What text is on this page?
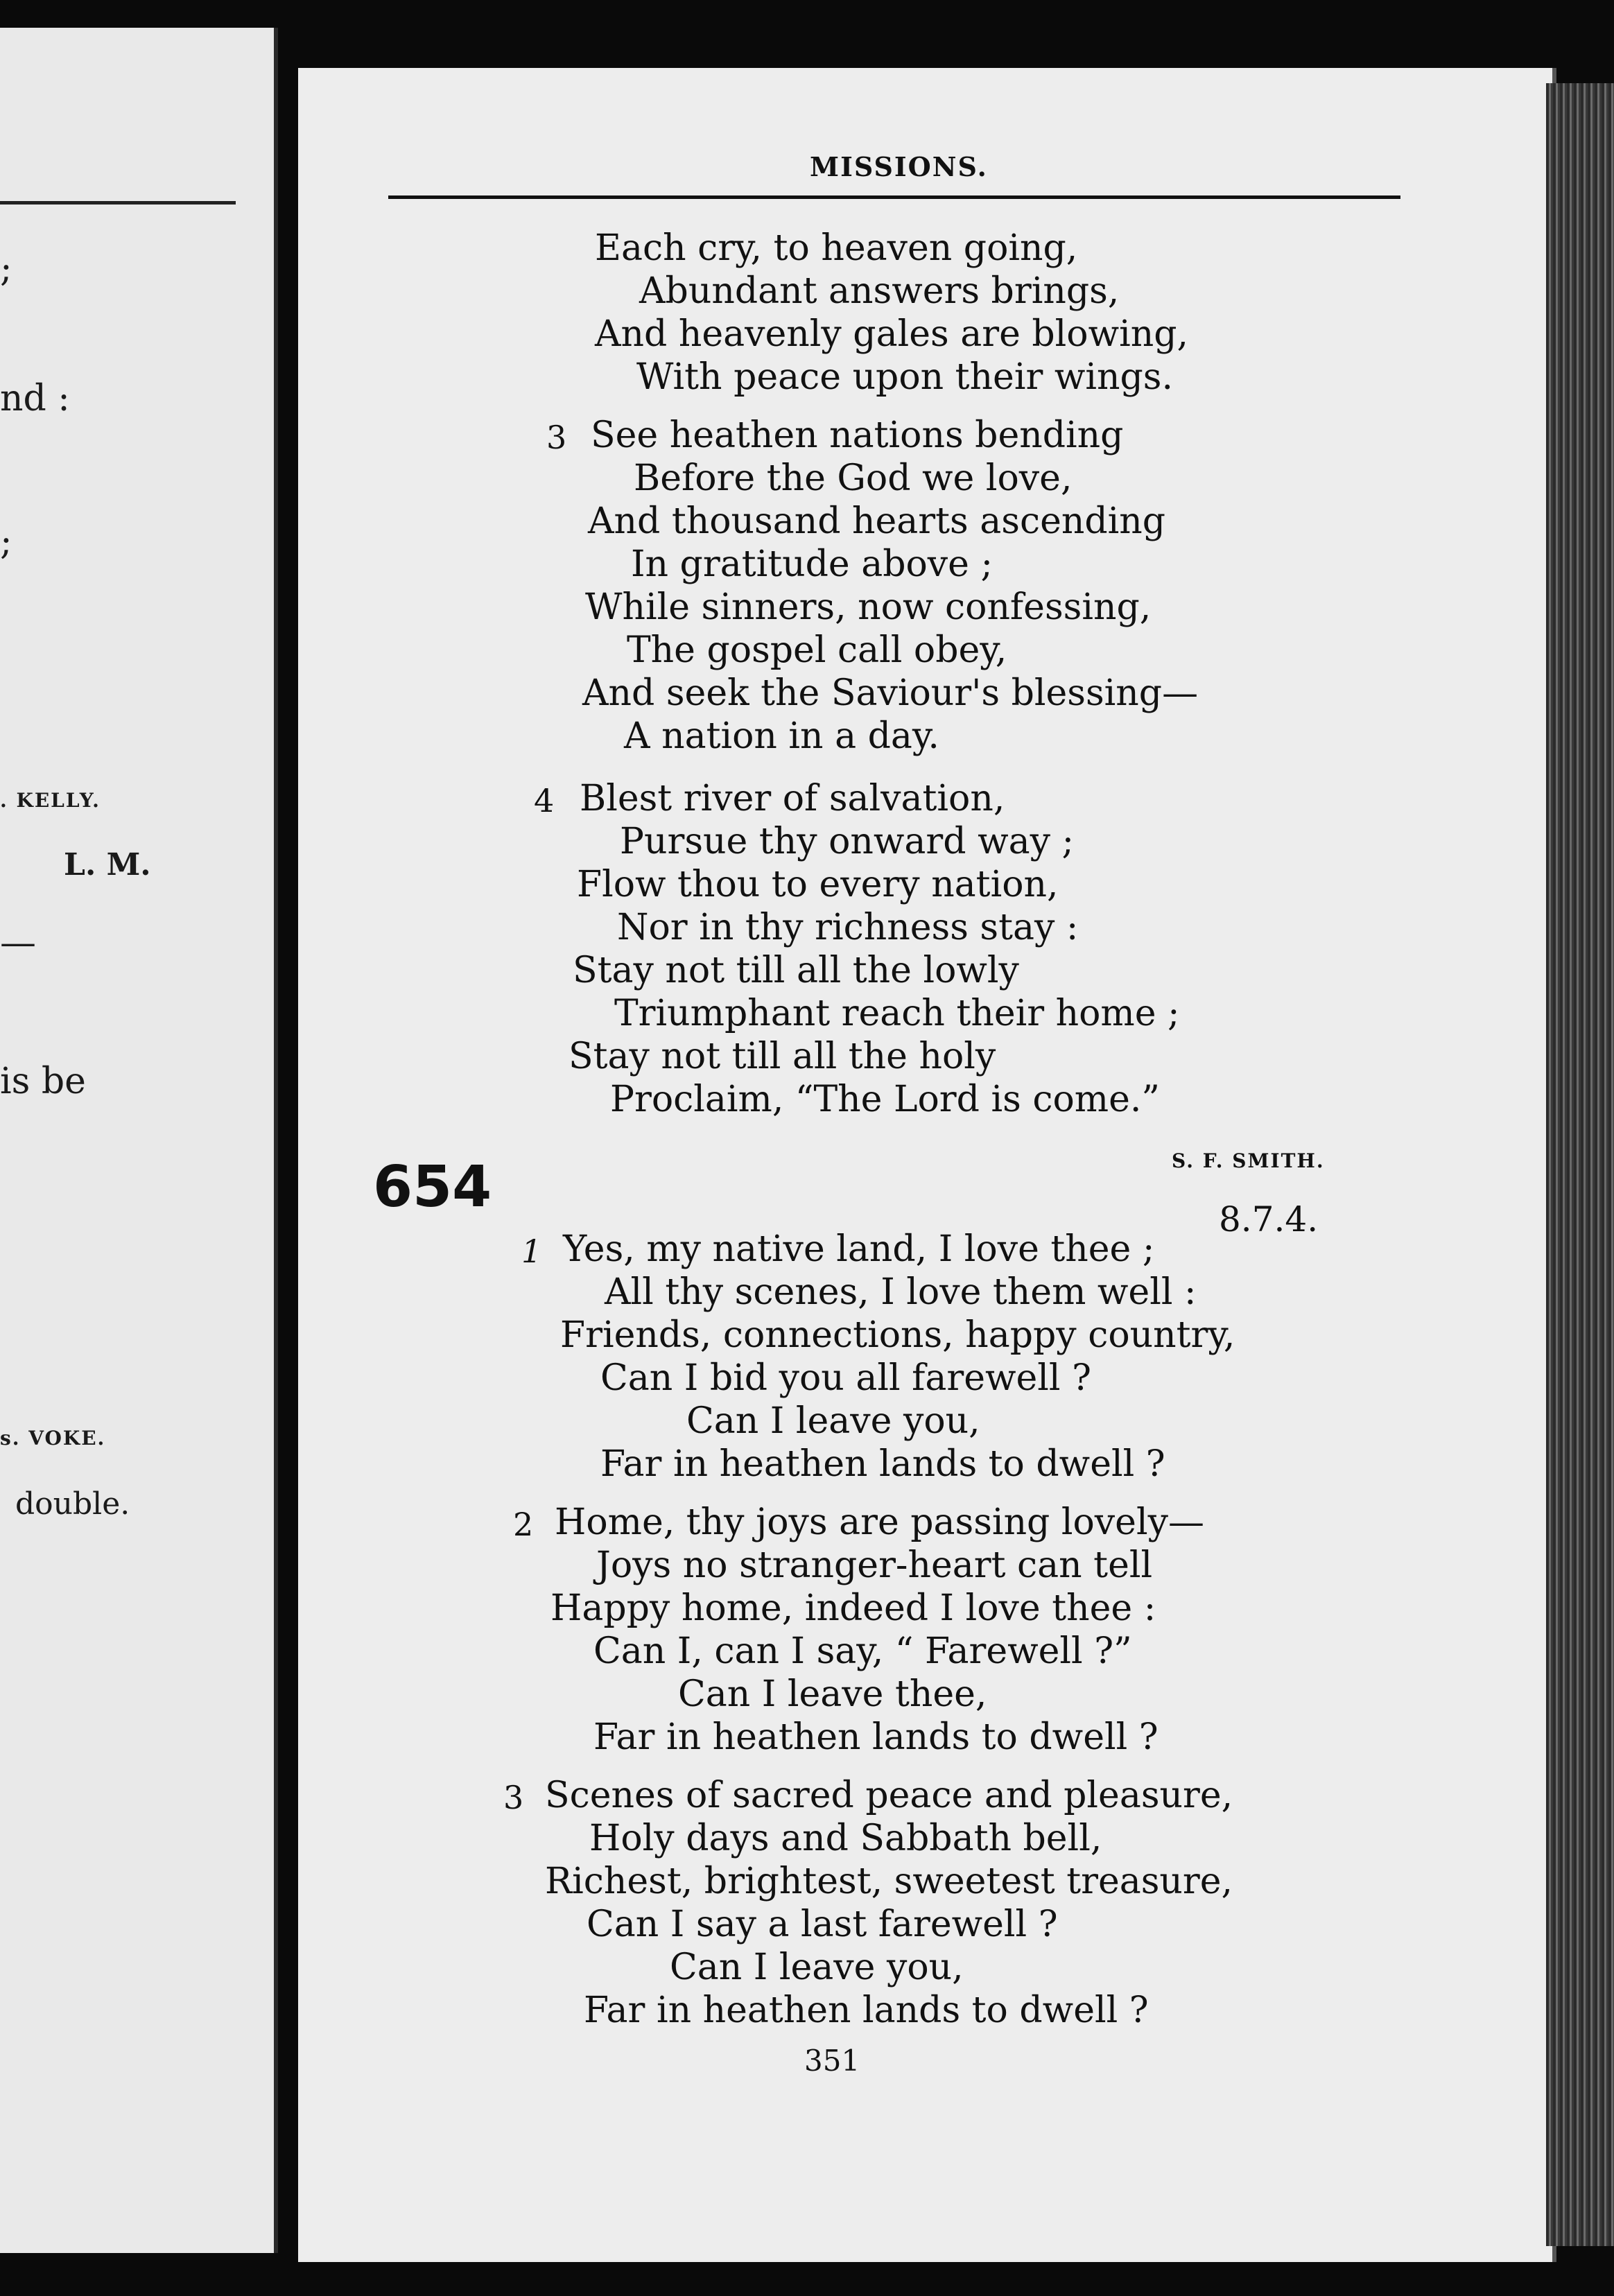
;
nd :
;
. KELLY.
L. M.
—
is be
s. VOKE.
double.
MISSIONS.
Each cry, to heaven going,
Abundant answers brings,
And heavenly gales are blowing,
With peace upon their wings.
3 See heathen nations bending
Before the God we love,
And thousand hearts ascending
In gratitude above ;
While sinners, now confessing,
The gospel call obey,
And seek the Saviour's blessing—
A nation in a day.
4 Blest river of salvation,
Pursue thy onward way ;
Flow thou to every nation,
Nor in thy richness stay :
Stay not till all the lowly
Triumphant reach their home ;
Stay not till all the holy
Proclaim, “The Lord is come.”
S. F. SMITH.
654	8.7.4.
1 Yes, my native land, I love thee ;
All thy scenes, I love them well :
Friends, connections, happy country,
Can I bid you all farewell ?
Can I leave you,
Far in heathen lands to dwell ?
2 Home, thy joys are passing lovely—
Joys no stranger-heart can tell
Happy home, indeed I love thee :
Can I, can I say, “ Farewell ?”
Can I leave thee,
Far in heathen lands to dwell ?
3 Scenes of sacred peace and pleasure,
Holy days and Sabbath bell,
Richest, brightest, sweetest treasure,
Can I say a last farewell ?
Can I leave you,
Far in heathen lands to dwell ?
351
